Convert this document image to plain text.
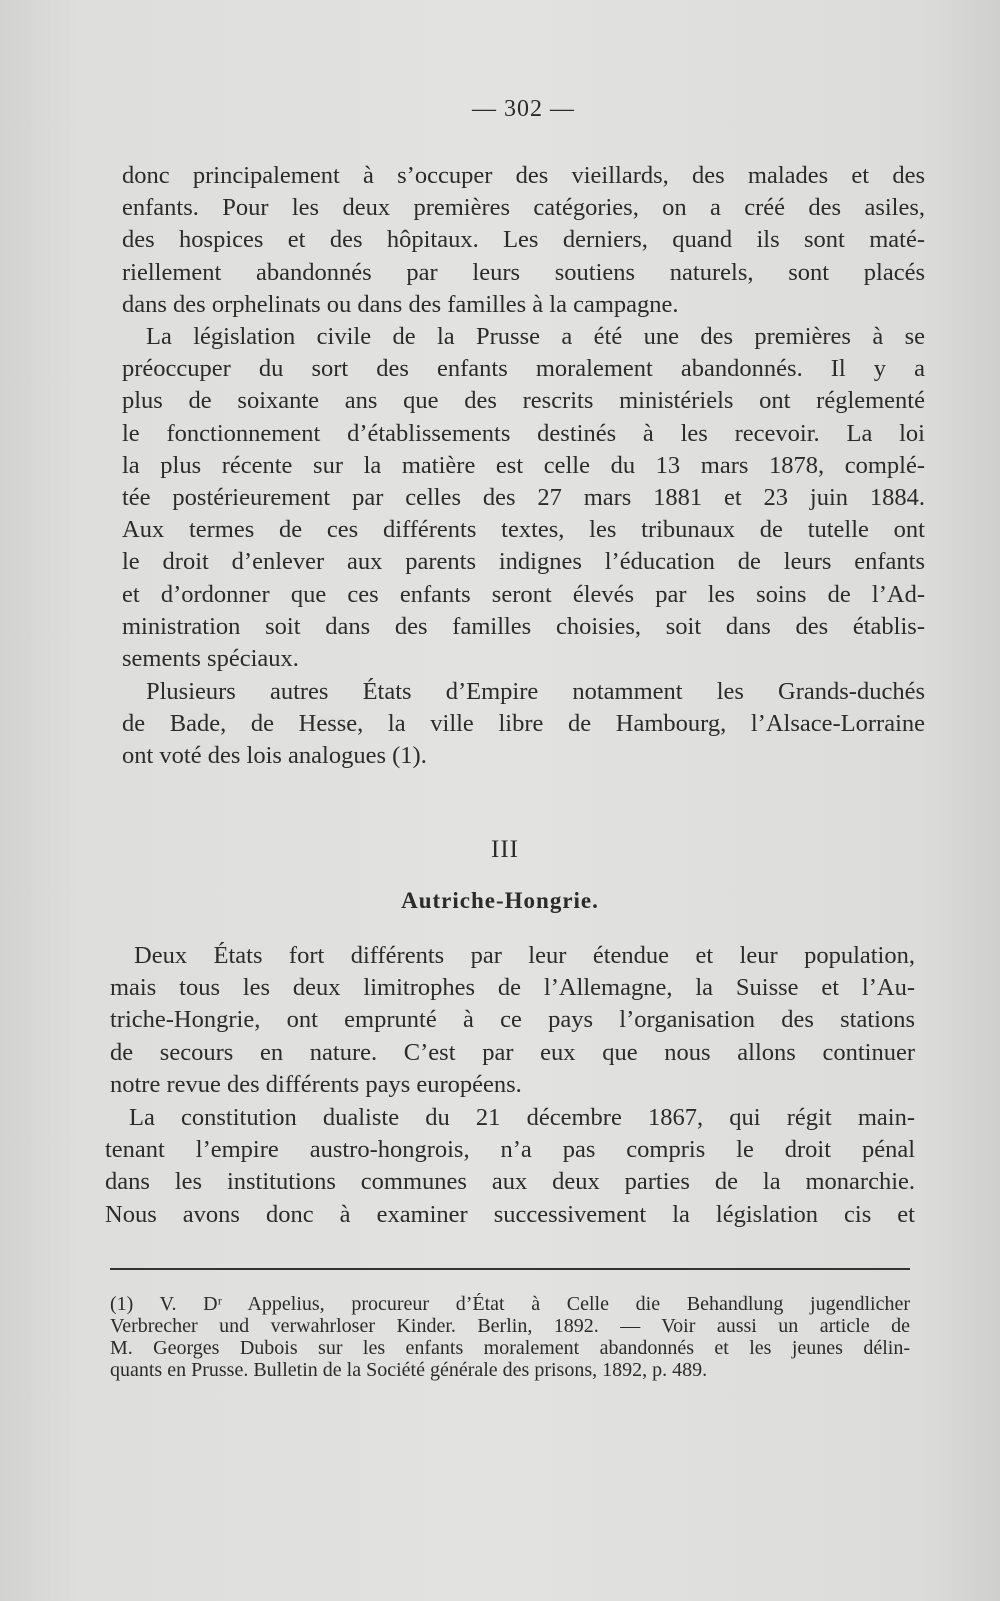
— 302 —

donc principalement à s’occuper des vieillards, des malades et des
enfants. Pour les deux premières catégories, on a créé des asiles,
des hospices et des hôpitaux. Les derniers, quand ils sont maté-
riellement abandonnés par leurs soutiens naturels, sont placés
dans des orphelinats ou dans des familles à la campagne.

La législation civile de la Prusse a été une des premières à se
préoccuper du sort des enfants moralement abandonnés. Il y a
plus de soixante ans que des rescrits ministériels ont réglementé
le fonctionnement d’établissements destinés à les recevoir. La loi
la plus récente sur la matière est celle du 13 mars 1878, complé-
tée postérieurement par celles des 27 mars 1881 et 23 juin 1884.
Aux termes de ces différents textes, les tribunaux de tutelle ont
le droit d’enlever aux parents indignes l’éducation de leurs enfants
et d’ordonner que ces enfants seront élevés par les soins de l’Ad-
ministration soit dans des familles choisies, soit dans des établis-
sements spéciaux.

Plusieurs autres États d’Empire notamment les Grands-duchés
de Bade, de Hesse, la ville libre de Hambourg, l’Alsace-Lorraine
ont voté des lois analogues (1).

III
Autriche-Hongrie.

Deux États fort différents par leur étendue et leur population,
mais tous les deux limitrophes de l’Allemagne, la Suisse et l’Au-
triche-Hongrie, ont emprunté à ce pays l’organisation des stations
de secours en nature. C’est par eux que nous allons continuer
notre revue des différents pays européens.

La constitution dualiste du 21 décembre 1867, qui régit main-
tenant l’empire austro-hongrois, n’a pas compris le droit pénal
dans les institutions communes aux deux parties de la monarchie.
Nous avons donc à examiner successivement la législation cis et

(1) V. Dʳ Appelius, procureur d’État à Celle die Behandlung jugendlicher
Verbrecher und verwahrloser Kinder. Berlin, 1892. — Voir aussi un article de
M. Georges Dubois sur les enfants moralement abandonnés et les jeunes délin-
quants en Prusse. Bulletin de la Société générale des prisons, 1892, p. 489.
